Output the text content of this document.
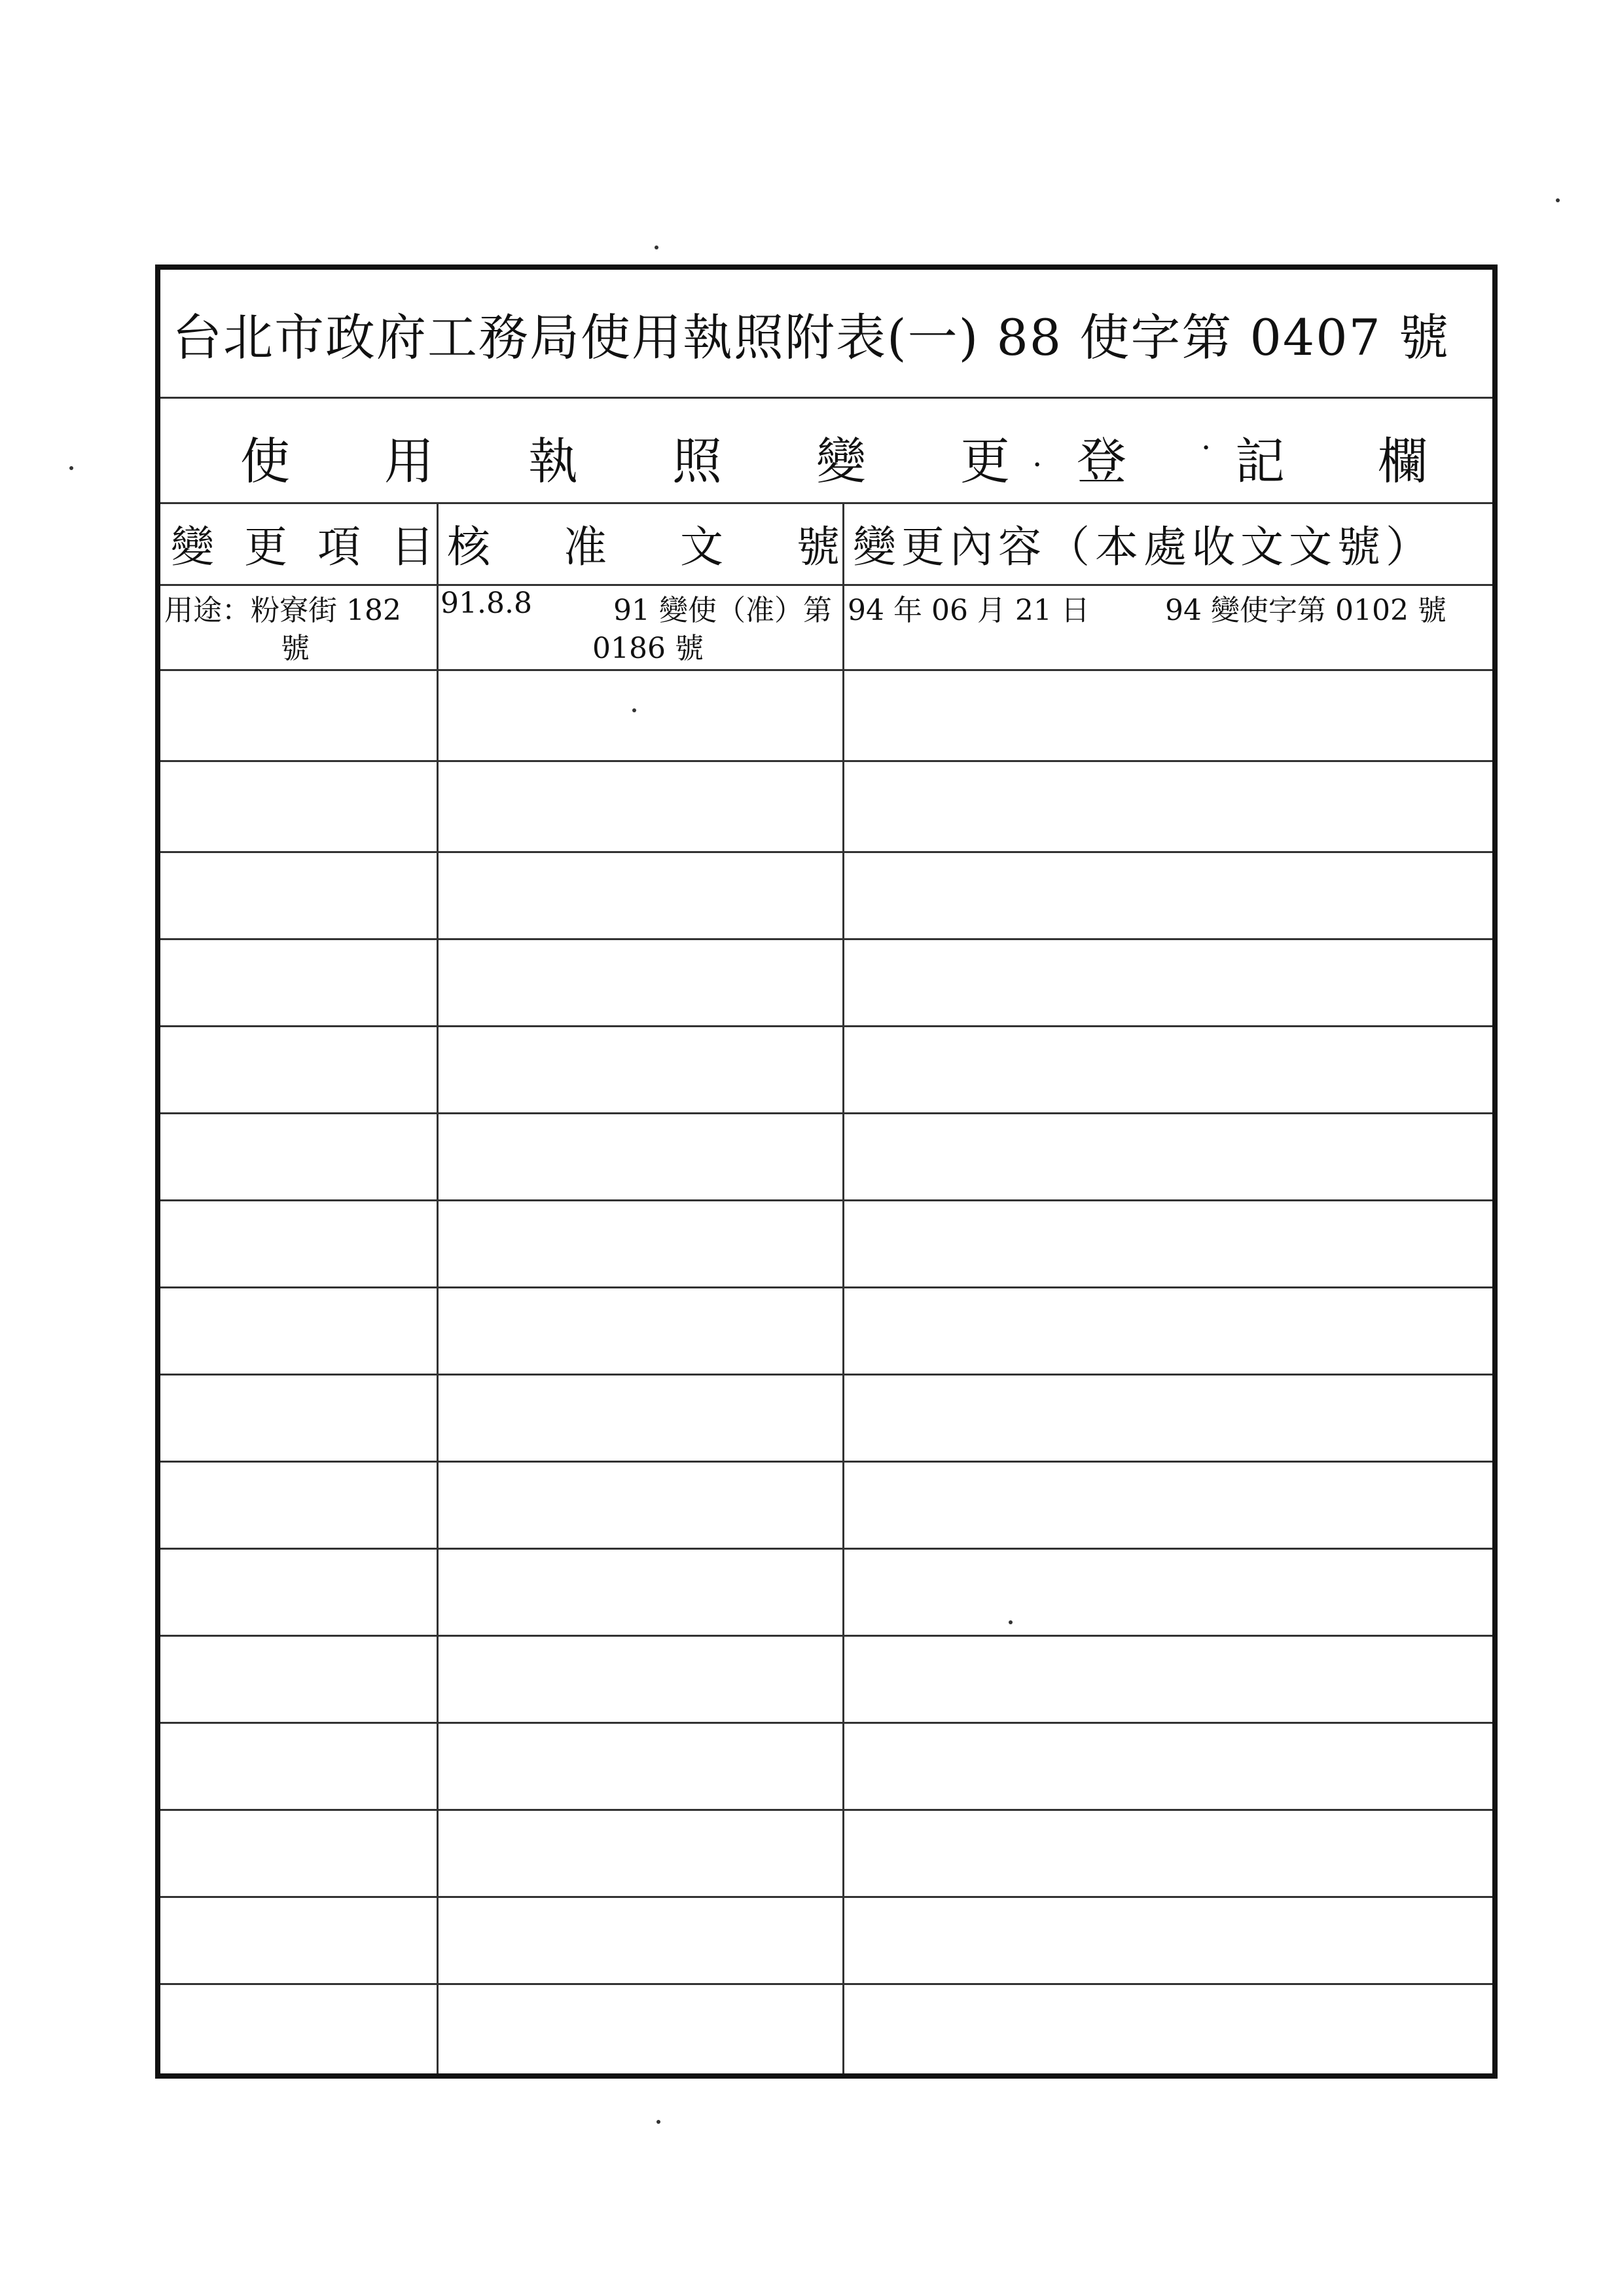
台北市政府工務局使用執照附表(一) 88 使字第 0407 號
使 用 執 照 變 更 . 登 · 記 欄
變 更 項 目 核 准 文 號 變更內容（本處收文文號）
用途：粉寮街 182
號
91.8.8	91 變使（准）第
0186 號
94 年 06 月 21 日	94 變使字第 0102 號
